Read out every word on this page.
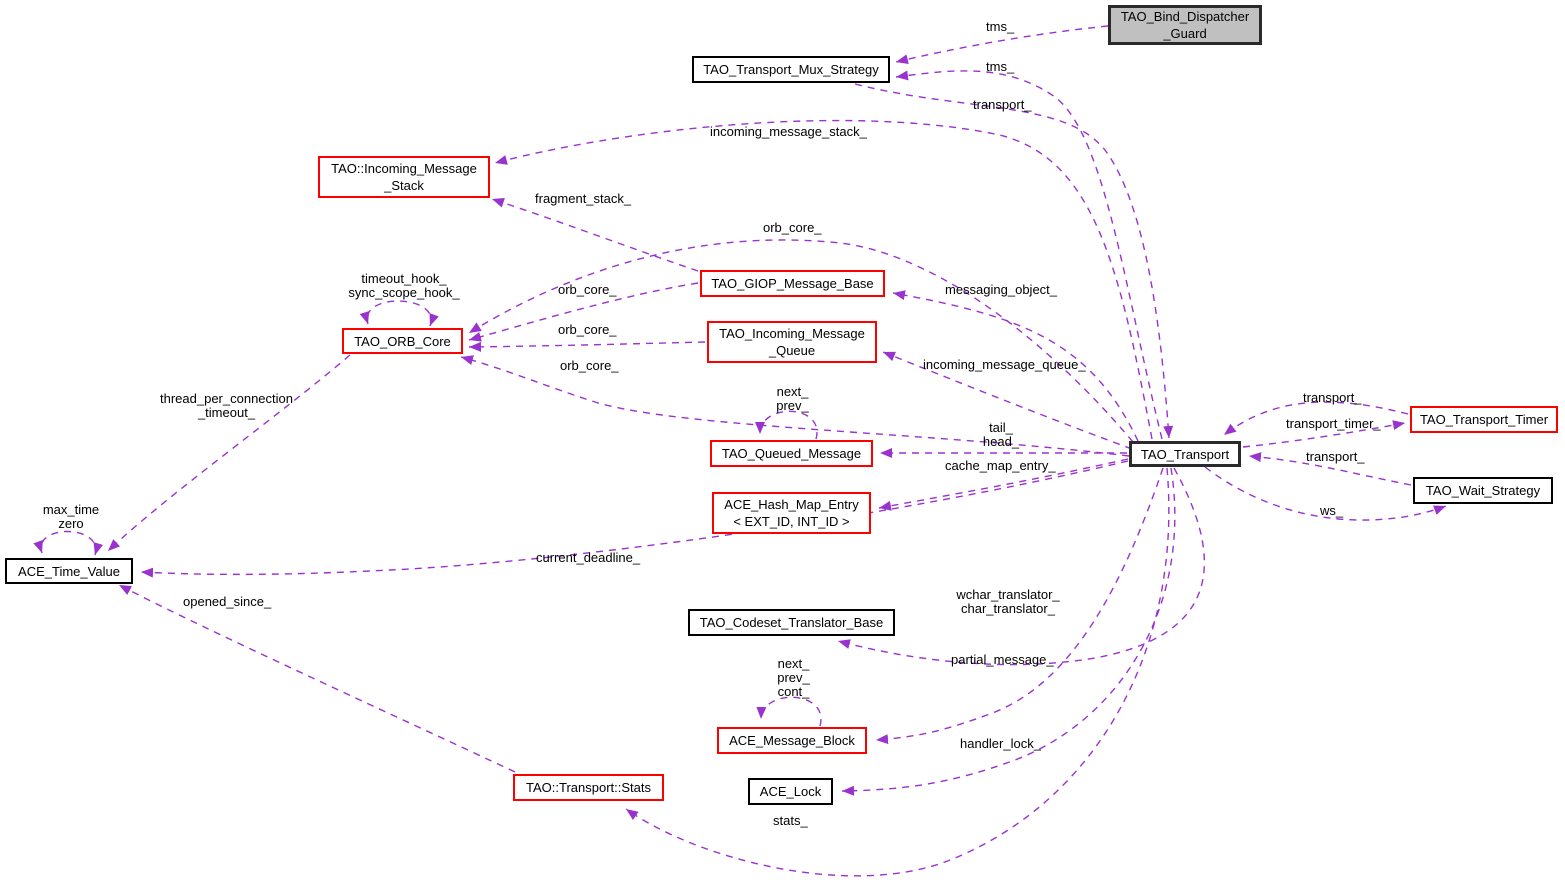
TAO_Bind_Dispatcher
_Guard
TAO_Transport_Mux_Strategy
TAO::Incoming_Message
_Stack
TAO_ORB_Core
TAO_GIOP_Message_Base
TAO_Incoming_Message
_Queue
TAO_Queued_Message
ACE_Hash_Map_Entry
< EXT_ID, INT_ID >
TAO_Transport
TAO_Transport_Timer
TAO_Wait_Strategy
ACE_Time_Value
TAO_Codeset_Translator_Base
ACE_Message_Block
ACE_Lock
TAO::Transport::Stats
tms_
tms_
transport_
incoming_message_stack_
fragment_stack_
orb_core_
timeout_hook_
sync_scope_hook_	orb_core_
orb_core_
orb_core_
messaging_object_
incoming_message_queue_
next_
prev_
tail_
head_
cache_map_entry_
transport_
transport_timer_
transport_
ws_
thread_per_connection
_timeout_
max_time
zero
current_deadline_
wchar_translator_
char_translator_
partial_message_
next_
prev_
cont_
handler_lock_
stats_
opened_since_
